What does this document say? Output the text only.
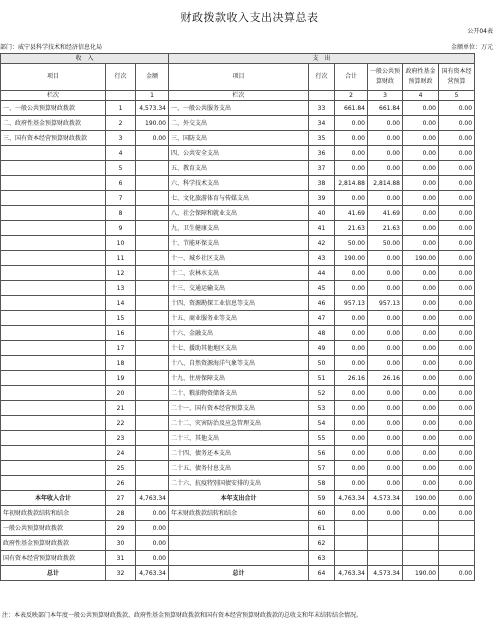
财政拨款收入支出决算总表
公开04表
部门：威宁县科学技术和经济信息化局	金额单位：万元
收　入			支　出					
项目	行次	金额	项目	行次	合计	一般公共预算财政	政府性基金预算财政	国有资本经营预算
栏次		1	栏次		2	3	4	5
一、一般公共预算财政拨款	1	4,573.34	一、一般公共服务支出	33	661.84	661.84	0.00	0.00
二、政府性基金预算财政拨款	2	190.00	二、外交支出	34	0.00	0.00	0.00	0.00
三、国有资本经营预算财政拨款	3	0.00	三、国防支出	35	0.00	0.00	0.00	0.00
	4		四、公共安全支出	36	0.00	0.00	0.00	0.00
	5		五、教育支出	37	0.00	0.00	0.00	0.00
	6		六、科学技术支出	38	2,814.88	2,814.88	0.00	0.00
	7		七、文化旅游体育与传媒支出	39	0.00	0.00	0.00	0.00
	8		八、社会保障和就业支出	40	41.69	41.69	0.00	0.00
	9		九、卫生健康支出	41	21.63	21.63	0.00	0.00
	10		十、节能环保支出	42	50.00	50.00	0.00	0.00
	11		十一、城乡社区支出	43	190.00	0.00	190.00	0.00
	12		十二、农林水支出	44	0.00	0.00	0.00	0.00
	13		十三、交通运输支出	45	0.00	0.00	0.00	0.00
	14		十四、资源勘探工业信息等支出	46	957.13	957.13	0.00	0.00
	15		十五、商业服务业等支出	47	0.00	0.00	0.00	0.00
	16		十六、金融支出	48	0.00	0.00	0.00	0.00
	17		十七、援助其他地区支出	49	0.00	0.00	0.00	0.00
	18		十八、自然资源海洋气象等支出	50	0.00	0.00	0.00	0.00
	19		十九、住房保障支出	51	26.16	26.16	0.00	0.00
	20		二十、粮油物资储备支出	52	0.00	0.00	0.00	0.00
	21		二十一、国有资本经营预算支出	53	0.00	0.00	0.00	0.00
	22		二十二、灾害防治及应急管理支出	54	0.00	0.00	0.00	0.00
	23		二十三、其他支出	55	0.00	0.00	0.00	0.00
	24		二十四、债务还本支出	56	0.00	0.00	0.00	0.00
	25		二十五、债务付息支出	57	0.00	0.00	0.00	0.00
	26		二十六、抗疫特别国债安排的支出	58	0.00	0.00	0.00	0.00
本年收入合计	27	4,763.34	本年支出合计	59	4,763.34	4,573.34	190.00	0.00
年初财政拨款结转和结余	28	0.00	年末财政拨款结转和结余	60	0.00	0.00	0.00	0.00
一般公共预算财政拨款	29	0.00		61				
政府性基金预算财政拨款	30	0.00		62				
国有资本经营预算财政拨款	31	0.00		63				
总计	32	4,763.34	总计	64	4,763.34	4,573.34	190.00	0.00
注：本表反映部门本年度一般公共预算财政拨款、政府性基金预算财政拨款和国有资本经营预算财政拨款的总收支和年末结转结余情况。
